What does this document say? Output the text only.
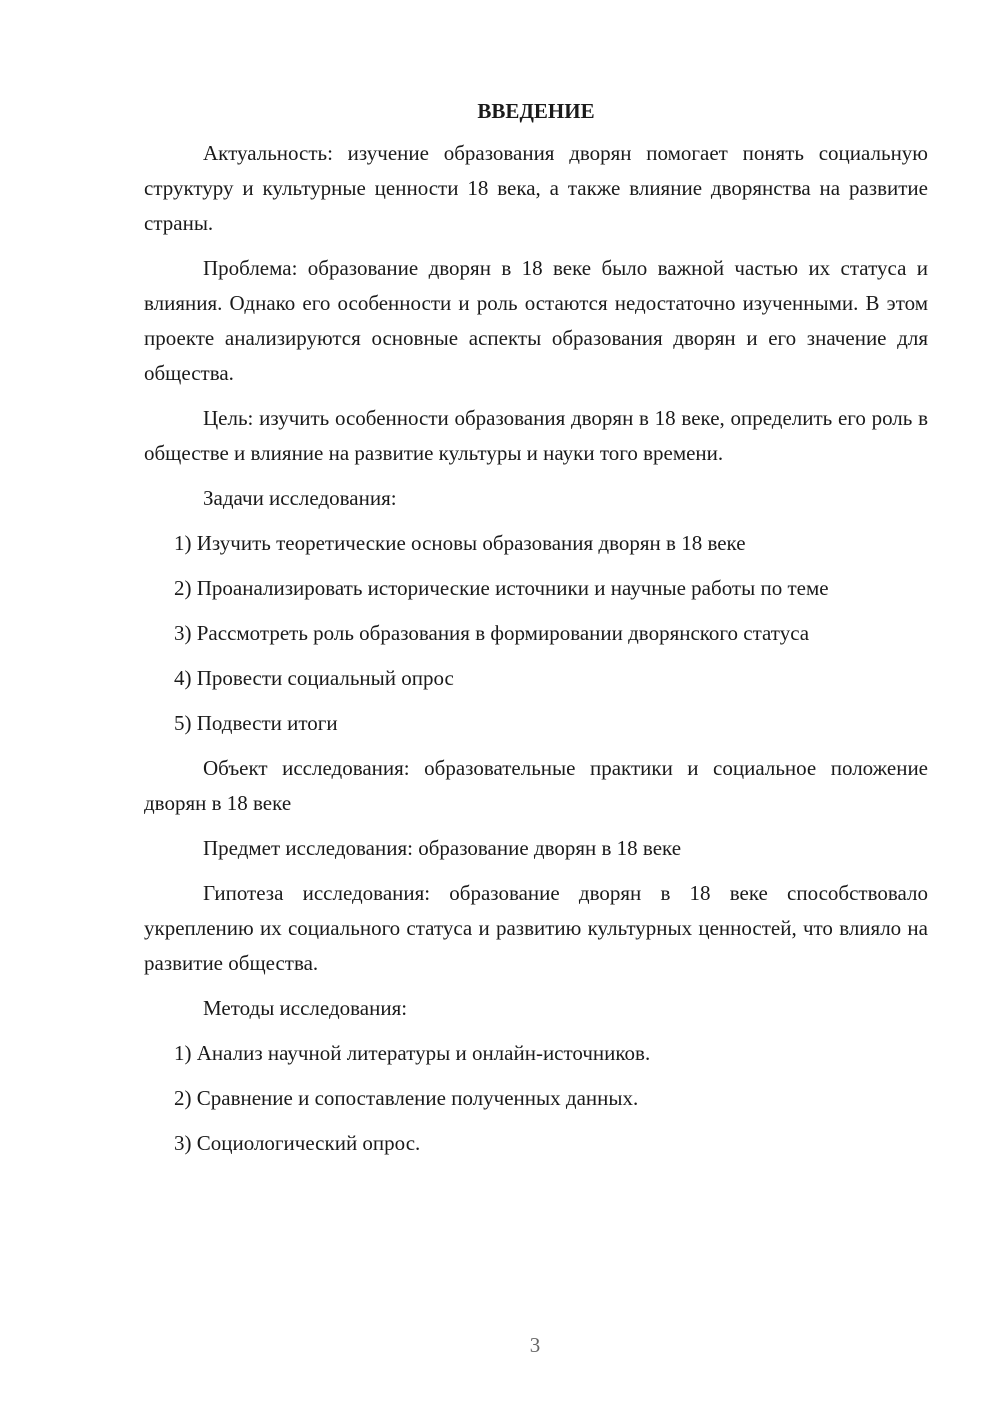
ВВЕДЕНИЕ

Актуальность: изучение образования дворян помогает понять социальную структуру и культурные ценности 18 века, а также влияние дворянства на развитие страны.

Проблема: образование дворян в 18 веке было важной частью их статуса и влияния. Однако его особенности и роль остаются недостаточно изученными. В этом проекте анализируются основные аспекты образования дворян и его значение для общества.

Цель: изучить особенности образования дворян в 18 веке, определить его роль в обществе и влияние на развитие культуры и науки того времени.

Задачи исследования:

1) Изучить теоретические основы образования дворян в 18 веке

2) Проанализировать исторические источники и научные работы по теме

3) Рассмотреть роль образования в формировании дворянского статуса

4) Провести социальный опрос

5) Подвести итоги

Объект исследования: образовательные практики и социальное положение дворян в 18 веке

Предмет исследования: образование дворян в 18 веке

Гипотеза исследования: образование дворян в 18 веке способствовало укреплению их социального статуса и развитию культурных ценностей, что влияло на развитие общества.

Методы исследования:

1) Анализ научной литературы и онлайн-источников.

2) Сравнение и сопоставление полученных данных.

3) Социологический опрос.

3
